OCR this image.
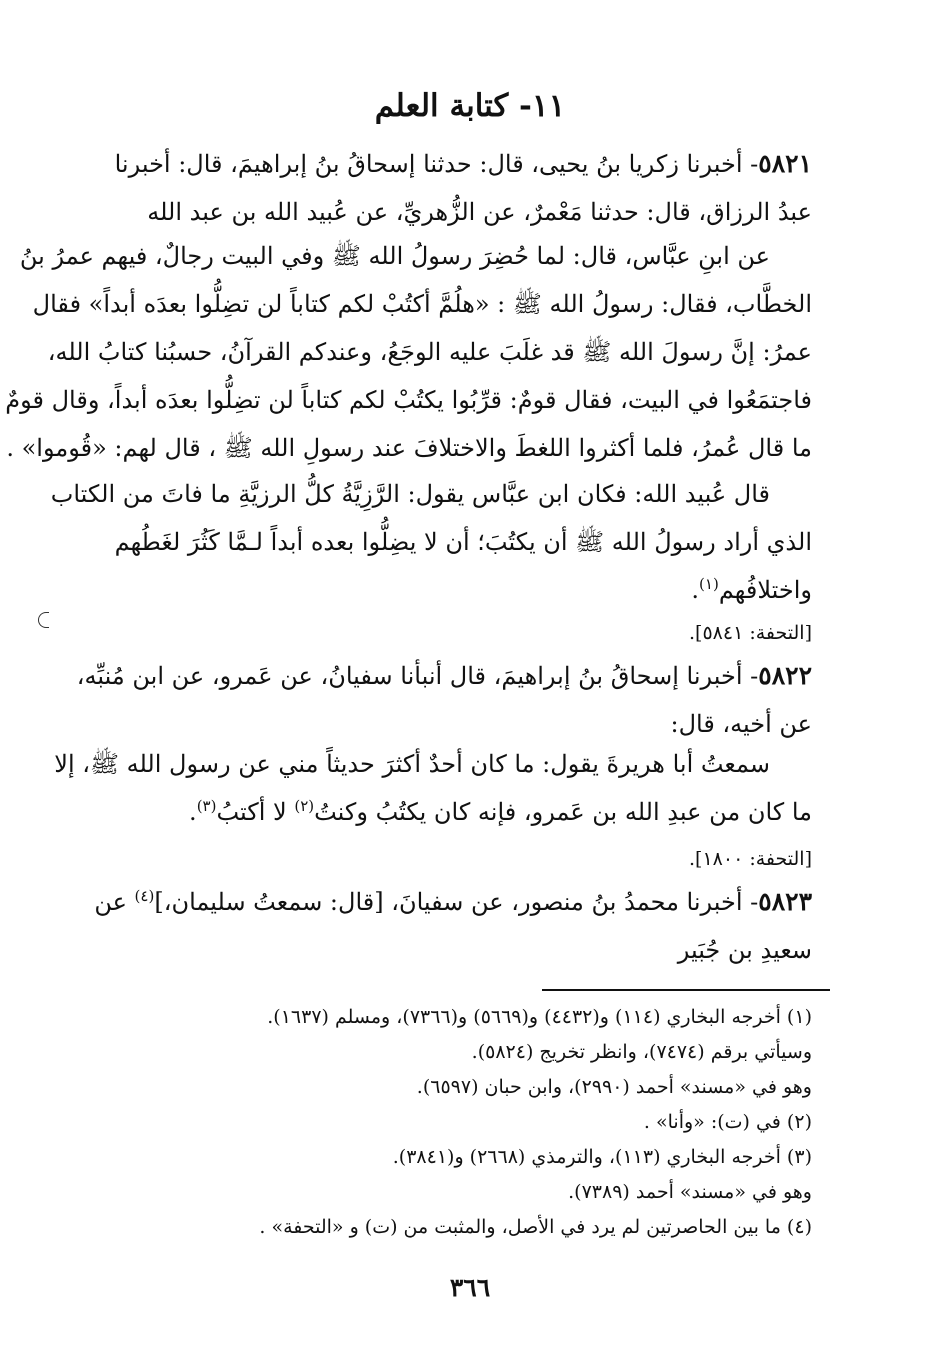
١١- كتابة العلم
٥٨٢١- أخبرنا زكريا بنُ يحيى، قال: حدثنا إسحاقُ بنُ إبراهيمَ، قال: أخبرنا
عبدُ الرزاق، قال: حدثنا مَعْمرٌ، عن الزُّهريِّ، عن عُبيد الله بن عبد الله
عن ابنِ عبَّاس، قال: لما حُضِرَ رسولُ الله ﷺ وفي البيت رجالٌ، فيهم عمرُ بنُ
الخطَّاب، فقال: رسولُ الله ﷺ : «هلُمَّ أكتُبْ لكم كتاباً لن تضِلُّوا بعدَه أبداً» فقال
عمرُ: إنَّ رسولَ الله ﷺ قد غلَبَ عليه الوجَعُ، وعندكم القرآنُ، حسبُنا كتابُ الله،
فاجتمَعُوا في البيت، فقال قومٌ: قرِّبُوا يكتُبْ لكم كتاباً لن تضِلُّوا بعدَه أبداً، وقال قومٌ
ما قال عُمرُ، فلما أكثروا اللغطَ والاختلافَ عند رسولِ الله ﷺ ، قال لهم: «قُوموا» .
قال عُبيد الله: فكان ابن عبَّاس يقول: الرَّزِيَّةُ كلُّ الرزيَّةِ ما فاتَ من الكتاب
الذي أراد رسولُ الله ﷺ أن يكتُبَ؛ أن لا يضِلُّوا بعده أبداً لـمَّا كَثُرَ لغَطُهم
واختلافُهم$^{(١)}$.
[التحفة: ٥٨٤١].
٥٨٢٢- أخبرنا إسحاقُ بنُ إبراهيمَ، قال أنبأنا سفيانُ، عن عَمرو، عن ابن مُنبِّه،
عن أخيه، قال:
سمعتُ أبا هريرةَ يقول: ما كان أحدٌ أكثرَ حديثاً مني عن رسول الله ﷺ، إلا
ما كان من عبدِ الله بن عَمرو، فإنه كان يكتُبُ وكنتُ$^{(٢)}$ لا أكتبُ$^{(٣)}$.
[التحفة: ١٨٠٠].
٥٨٢٣- أخبرنا محمدُ بنُ منصور، عن سفيانَ، [قال: سمعتُ سليمان،]$^{(٤)}$ عن
سعيدِ بن جُبَير
(١) أخرجه البخاري (١١٤) و(٤٤٣٢) و(٥٦٦٩) و(٧٣٦٦)، ومسلم (١٦٣٧).
وسيأتي برقم (٧٤٧٤)، وانظر تخريج (٥٨٢٤).
وهو في «مسند» أحمد (٢٩٩٠)، وابن حبان (٦٥٩٧).
(٢) في (ت): «وأنا» .
(٣) أخرجه البخاري (١١٣)، والترمذي (٢٦٦٨) و(٣٨٤١).
وهو في «مسند» أحمد (٧٣٨٩).
(٤) ما بين الحاصرتين لم يرد في الأصل، والمثبت من (ت) و «التحفة» .
٣٦٦
